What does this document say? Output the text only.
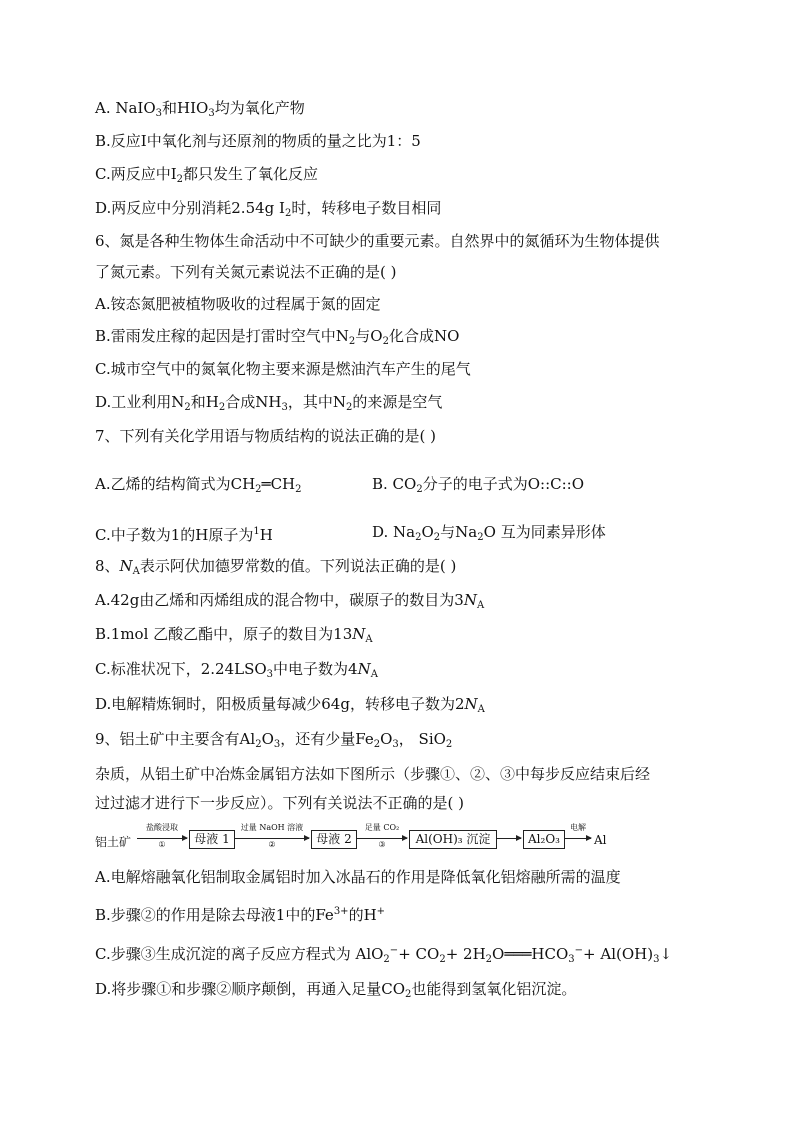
A. NaIO$_3$和$HIO_3$均为氧化产物
B.反应I中氧化剂与还原剂的物质的量之比为1：5
C.两反应中$I_2$都只发生了氧化反应
D.两反应中分别消耗2.54g $I_2$时，转移电子数目相同
6、氮是各种生物体生命活动中不可缺少的重要元素。自然界中的氮循环为生物体提供
了氮元素。下列有关氮元素说法不正确的是( )
A.铵态氮肥被植物吸收的过程属于氮的固定
B.雷雨发庄稼的起因是打雷时空气中$N_2$与$O_2$化合成NO
C.城市空气中的氮氧化物主要来源是燃油汽车产生的尾气
D.工业利用$N_2$和$H_2$合成$NH_3$，其中$N_2$的来源是空气
7、下列有关化学用语与物质结构的说法正确的是( )
A.乙烯的结构简式为$CH_2═CH_2$	B. $CO_2$分子的电子式为O::C::O
C.中子数为1的H原子为$^1$H	D. $Na_2O_2$与$Na_2O$ 互为同素异形体
8、$N_A$表示阿伏加德罗常数的值。下列说法正确的是( )
A.42g由乙烯和丙烯组成的混合物中，碳原子的数目为$3N_A$
B.1mol 乙酸乙酯中，原子的数目为$13N_A$
C.标准状况下，$2.24LSO_3$中电子数为$4N_A$
D.电解精炼铜时，阳极质量每减少64g，转移电子数为$2N_A$
9、铝土矿中主要含有$Al_2O_3$，还有少量$Fe_2O_3$， SiO$_2$
杂质，从铝土矿中冶炼金属铝方法如下图所示（步骤①、②、③中每步反应结束后经
过过滤才进行下一步反应）。下列有关说法不正确的是( )
铝土矿
盐酸浸取
①	母液 1
过量 NaOH 溶液
②	母液 2
足量 CO₂
③	Al(OH)₃ 沉淀	Al₂O₃
电解
Al
A.电解熔融氧化铝制取金属铝时加入冰晶石的作用是降低氧化铝熔融所需的温度
B.步骤②的作用是除去母液1中的$Fe^{3+}$的H+
C.步骤③生成沉淀的离子反应方程式为 $AlO_2^-+ CO_2+$ $2H_2O═══HCO_3^-+$ $Al(OH)_3↓$
D.将步骤①和步骤②顺序颠倒，再通入足量$CO_2$也能得到氢氧化铝沉淀。
